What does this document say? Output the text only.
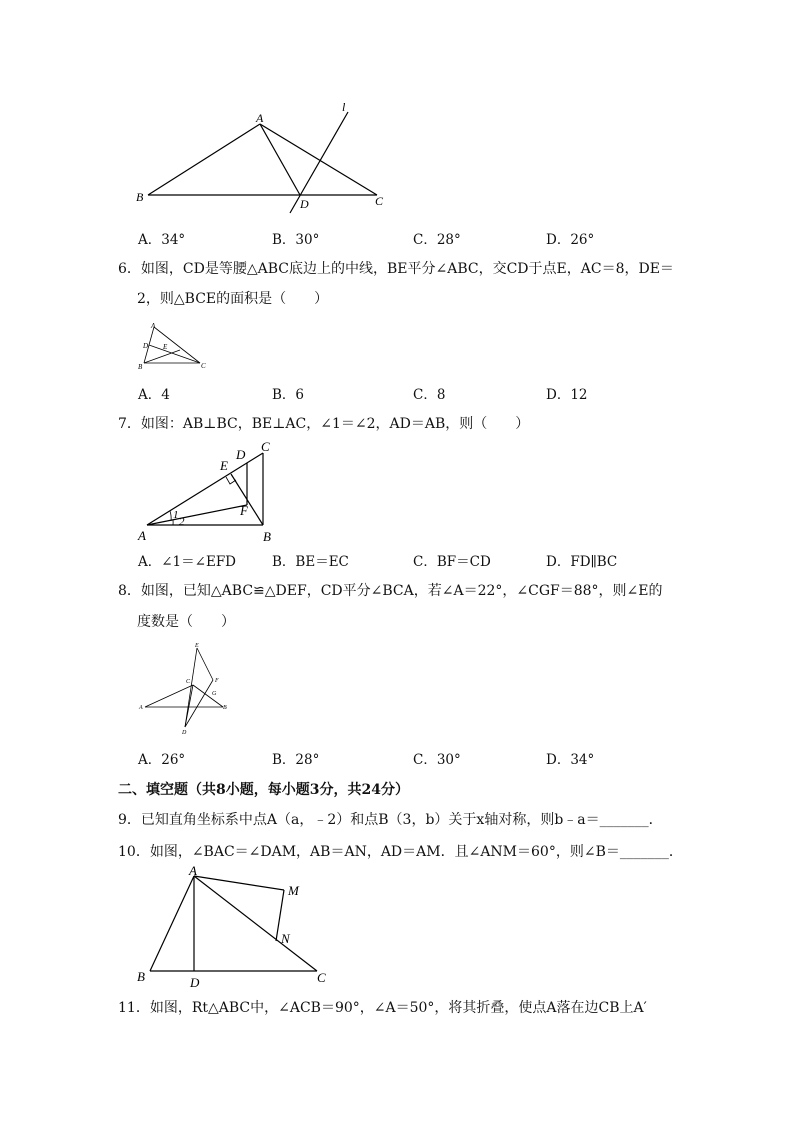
A
B	C
D
l
A．34°	B．30°	C．28°	D．26°
6．如图，CD是等腰△ABC底边上的中线，BE平分∠ABC，交CD于点E，AC＝8，DE＝
2，则△BCE的面积是（　　）
A
B	C
D E
A．4	B．6	C．8	D．12
7．如图：AB⊥BC，BE⊥AC，∠1＝∠2，AD＝AB，则（　　）
A	B
C
D
E
F
1
2
A．∠1＝∠EFD	B．BE＝EC	C．BF＝CD	D．FD∥BC
8．如图，已知△ABC≌△DEF，CD平分∠BCA，若∠A＝22°，∠CGF＝88°，则∠E的
度数是（　　）
A	B
C
D
E
F
G
A．26°	B．28°	C．30°	D．34°
二、填空题（共8小题，每小题3分，共24分）
9．已知直角坐标系中点A（a，﹣2）和点B（3，b）关于x轴对称，则b﹣a＝_______．
10．如图，∠BAC＝∠DAM，AB＝AN，AD＝AM．且∠ANM＝60°，则∠B＝_______．
A
B	C
D
M
N
11．如图，Rt△ABC中，∠ACB＝90°，∠A＝50°，将其折叠，使点A落在边CB上A′
